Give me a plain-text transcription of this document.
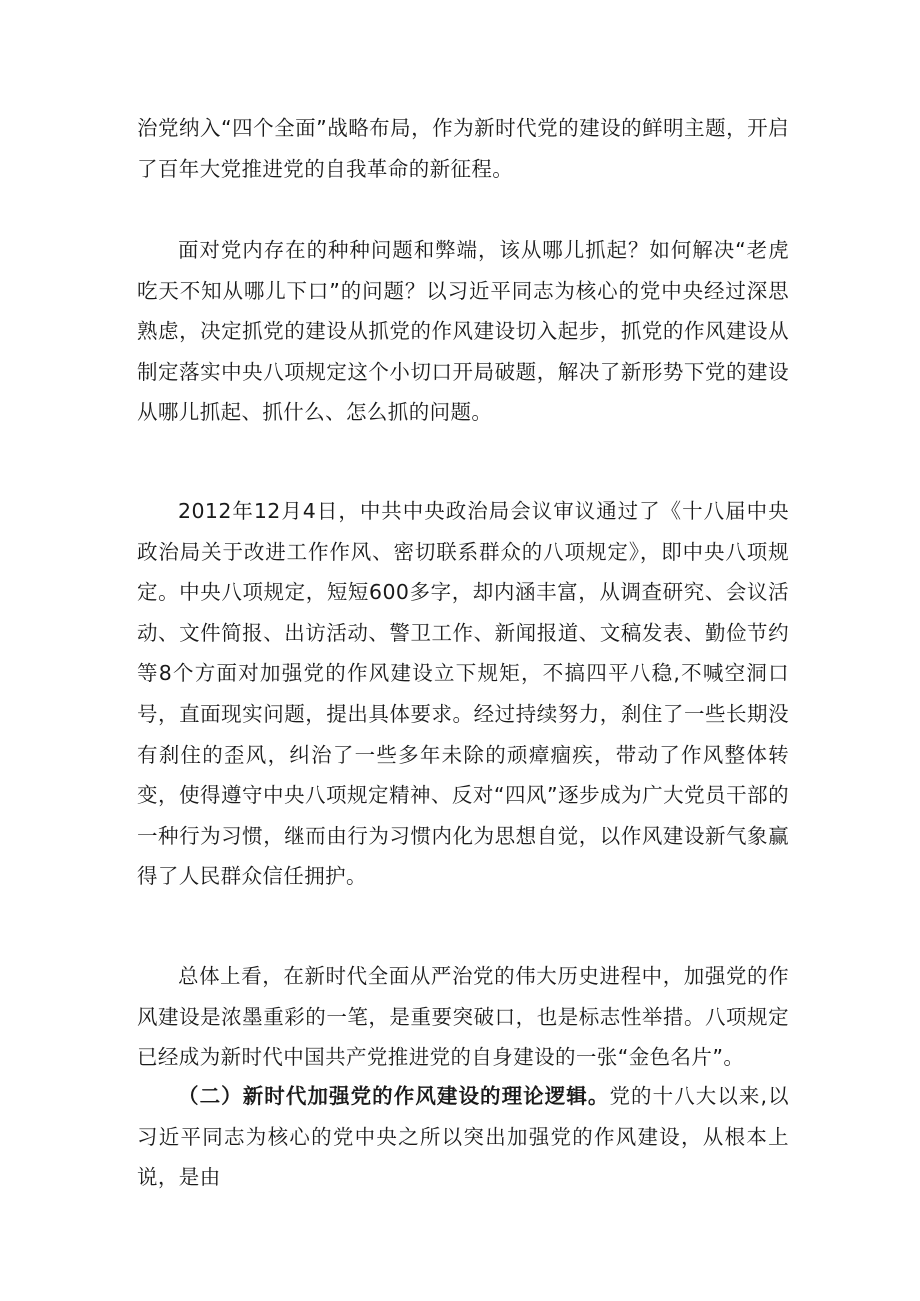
治党纳入“四个全面”战略布局，作为新时代党的建设的鲜明主题，开启了百年大党推进党的自我革命的新征程。

面对党内存在的种种问题和弊端，该从哪儿抓起？如何解决“老虎吃天不知从哪儿下口”的问题？以习近平同志为核心的党中央经过深思熟虑，决定抓党的建设从抓党的作风建设切入起步，抓党的作风建设从制定落实中央八项规定这个小切口开局破题，解决了新形势下党的建设从哪儿抓起、抓什么、怎么抓的问题。

2012年12月4日，中共中央政治局会议审议通过了《十八届中央政治局关于改进工作作风、密切联系群众的八项规定》，即中央八项规定。中央八项规定，短短600多字，却内涵丰富，从调查研究、会议活动、文件简报、出访活动、警卫工作、新闻报道、文稿发表、勤俭节约等8个方面对加强党的作风建设立下规矩，不搞四平八稳,不喊空洞口号，直面现实问题，提出具体要求。经过持续努力，刹住了一些长期没有刹住的歪风，纠治了一些多年未除的顽瘴痼疾，带动了作风整体转变，使得遵守中央八项规定精神、反对“四风”逐步成为广大党员干部的一种行为习惯，继而由行为习惯内化为思想自觉，以作风建设新气象赢得了人民群众信任拥护。

总体上看，在新时代全面从严治党的伟大历史进程中，加强党的作风建设是浓墨重彩的一笔，是重要突破口，也是标志性举措。八项规定已经成为新时代中国共产党推进党的自身建设的一张“金色名片”。

（二）新时代加强党的作风建设的理论逻辑。党的十八大以来,以习近平同志为核心的党中央之所以突出加强党的作风建设，从根本上说，是由
